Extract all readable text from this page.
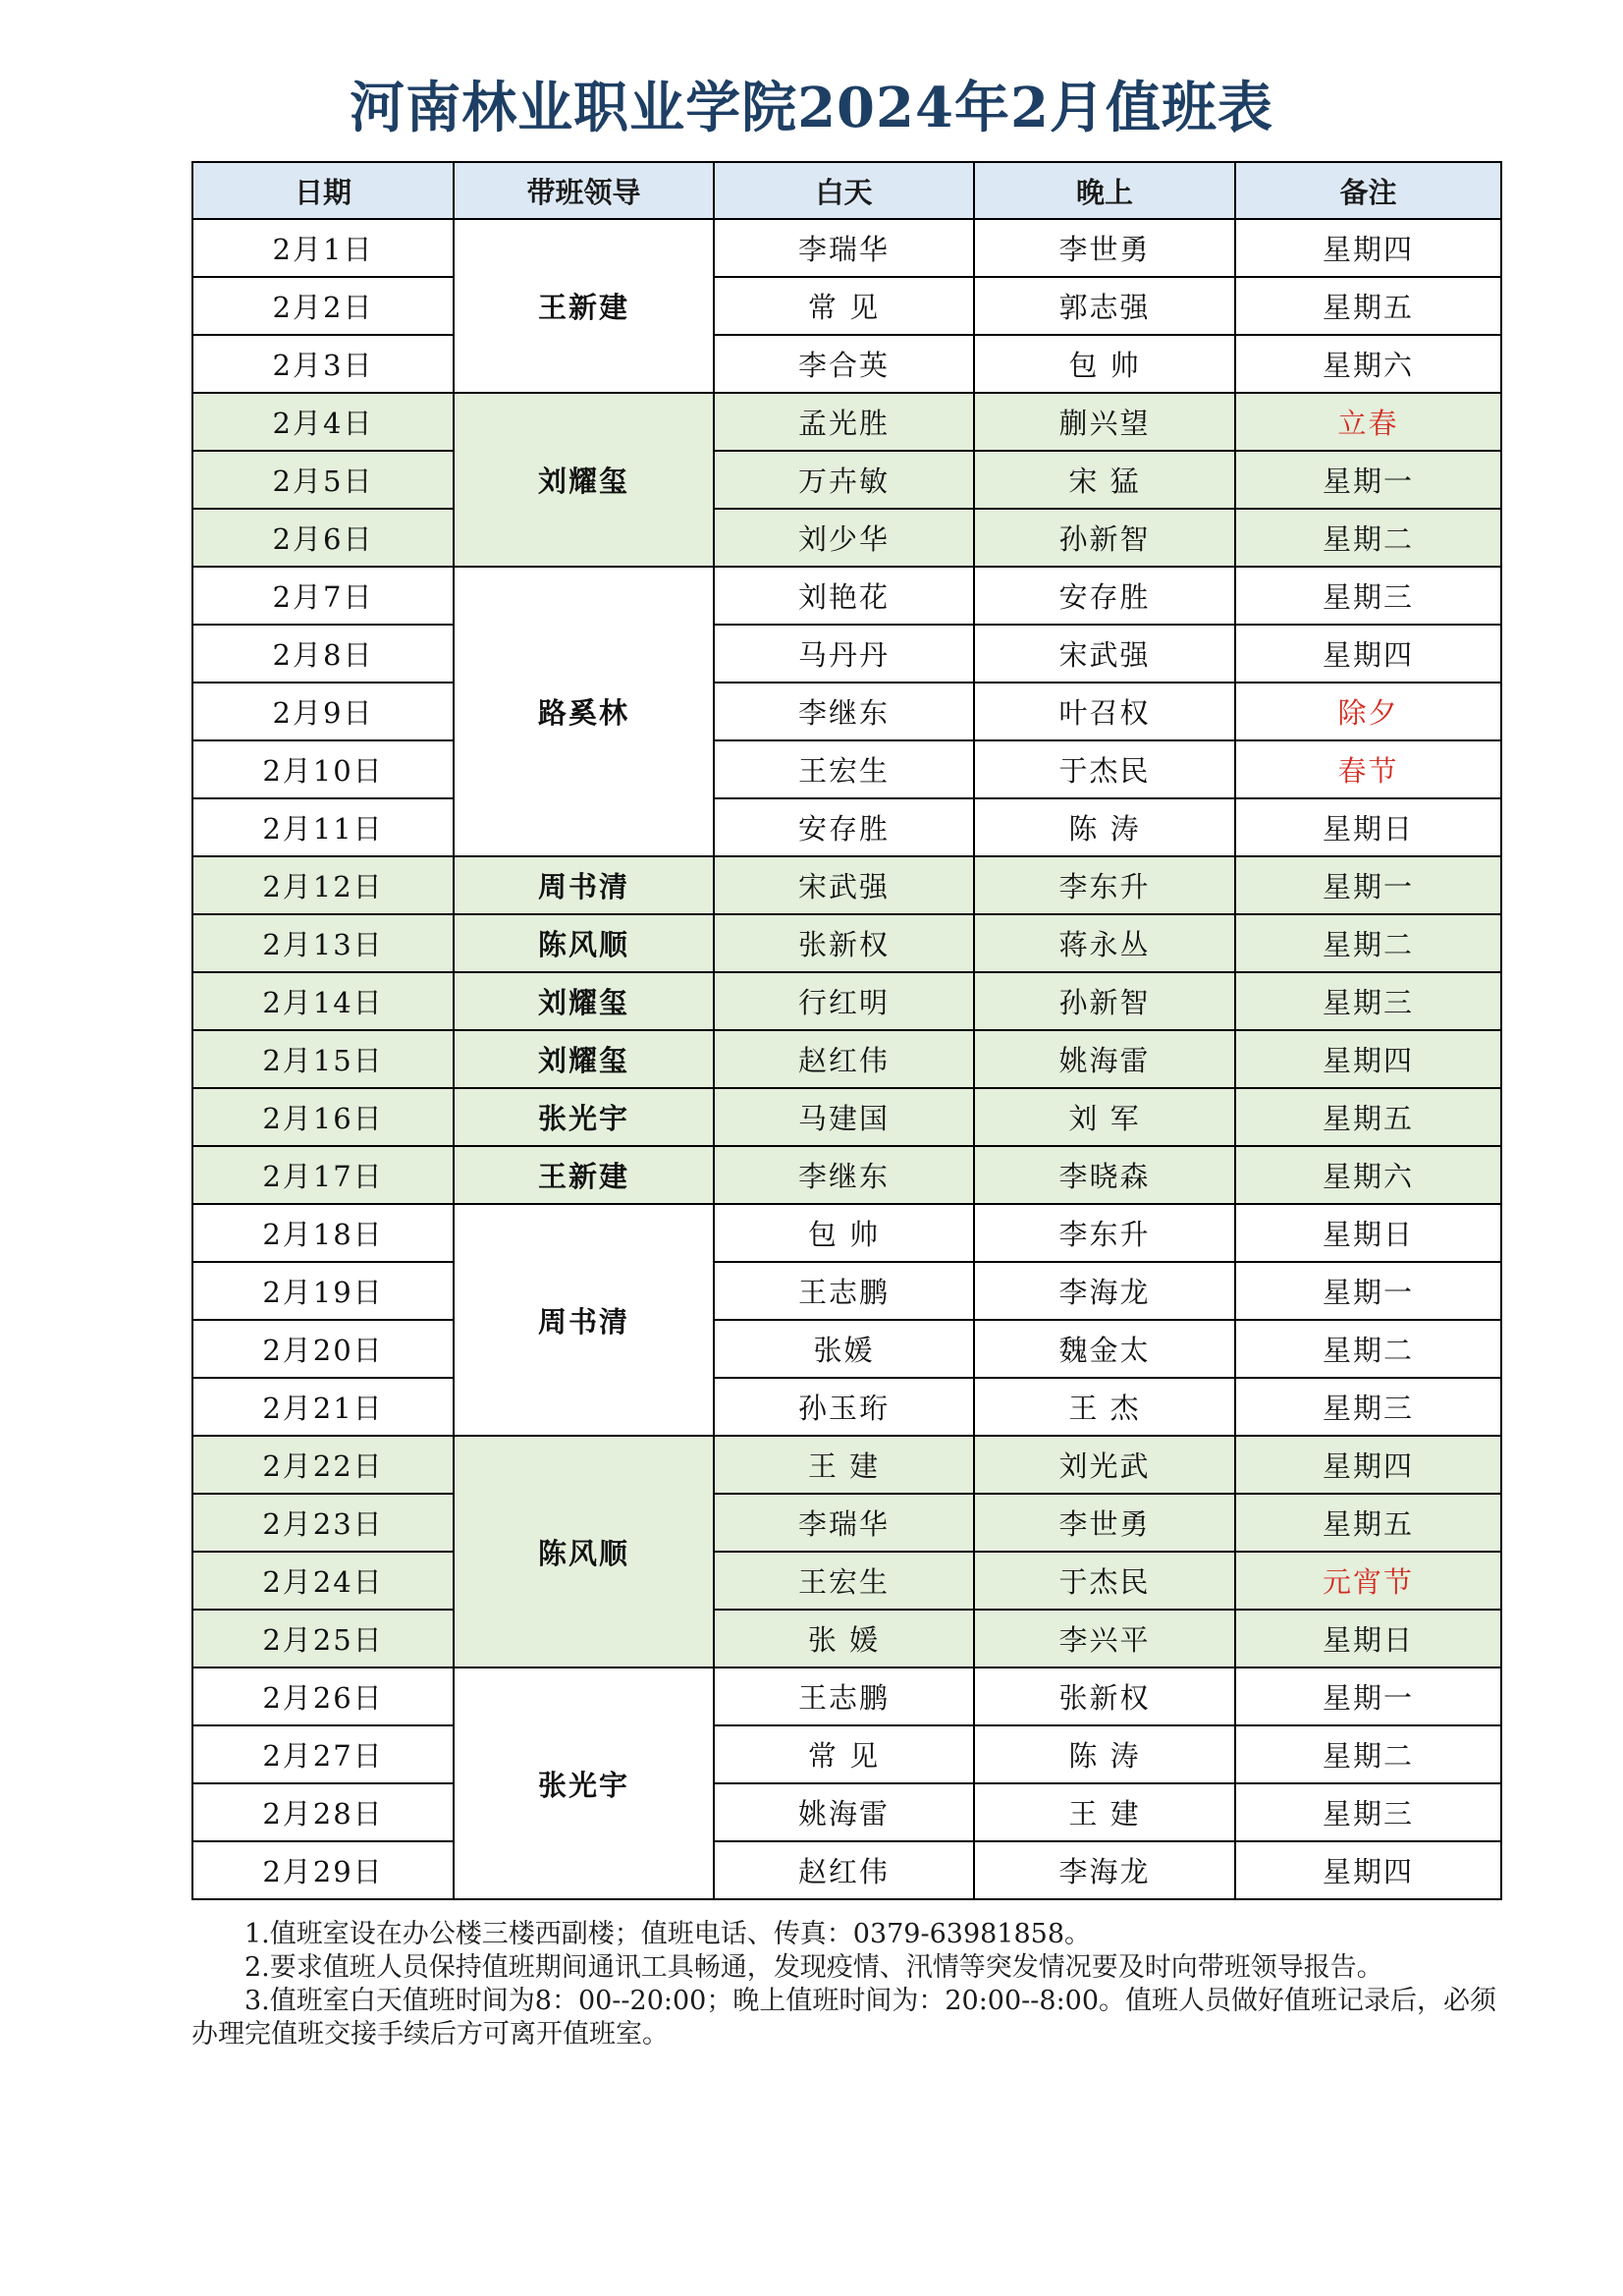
河南林业职业学院2024年2月值班表
日期	带班领导	白天	晚上	备注
2月1日	王新建	李瑞华	李世勇	星期四
2月2日		常 见	郭志强	星期五
2月3日		李合英	包 帅	星期六
2月4日	刘耀玺	孟光胜	蒯兴望	立春
2月5日		万卉敏	宋 猛	星期一
2月6日		刘少华	孙新智	星期二
2月7日	路奚林	刘艳花	安存胜	星期三
2月8日		马丹丹	宋武强	星期四
2月9日		李继东	叶召权	除夕
2月10日		王宏生	于杰民	春节
2月11日		安存胜	陈 涛	星期日
2月12日	周书清	宋武强	李东升	星期一
2月13日	陈风顺	张新权	蒋永丛	星期二
2月14日	刘耀玺	行红明	孙新智	星期三
2月15日	刘耀玺	赵红伟	姚海雷	星期四
2月16日	张光宇	马建国	刘 军	星期五
2月17日	王新建	李继东	李晓森	星期六
2月18日	周书清	包 帅	李东升	星期日
2月19日		王志鹏	李海龙	星期一
2月20日		张媛	魏金太	星期二
2月21日		孙玉珩	王 杰	星期三
2月22日	陈风顺	王 建	刘光武	星期四
2月23日		李瑞华	李世勇	星期五
2月24日		王宏生	于杰民	元宵节
2月25日		张 媛	李兴平	星期日
2月26日	张光宇	王志鹏	张新权	星期一
2月27日		常 见	陈 涛	星期二
2月28日		姚海雷	王 建	星期三
2月29日		赵红伟	李海龙	星期四

1.值班室设在办公楼三楼西副楼；值班电话、传真：0379-63981858。

2.要求值班人员保持值班期间通讯工具畅通，发现疫情、汛情等突发情况要及时向带班领导报告。

3.值班室白天值班时间为8：00--20:00；晚上值班时间为：20:00--8:00。值班人员做好值班记录后，必须办理完值班交接手续后方可离开值班室。
